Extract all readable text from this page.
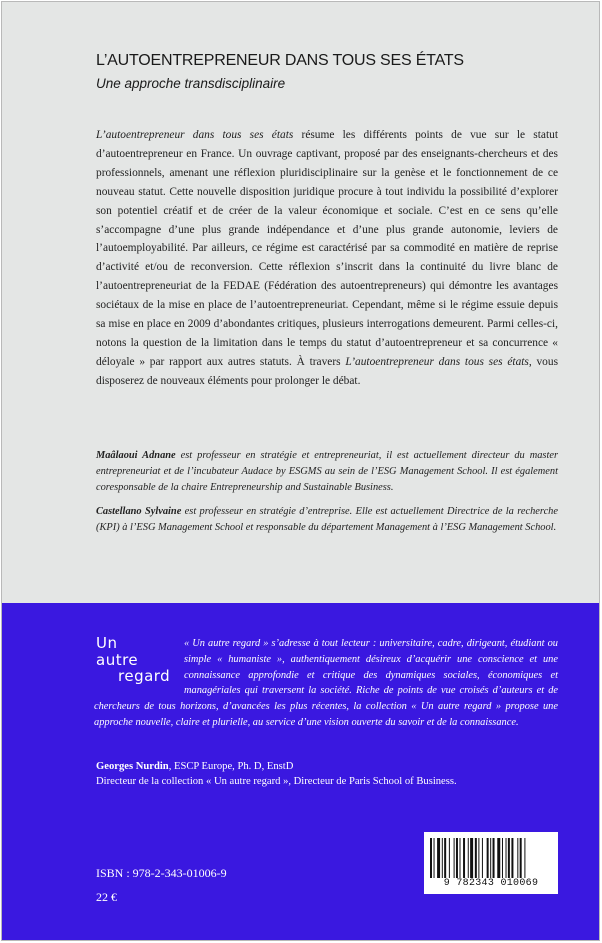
L’AUTOENTREPRENEUR DANS TOUS SES ÉTATS
Une approche transdisciplinaire
L’autoentrepreneur dans tous ses états résume les différents points de vue sur le statut d’autoentrepreneur en France. Un ouvrage captivant, proposé par des enseignants-chercheurs et des professionnels, amenant une réflexion pluridisciplinaire sur la genèse et le fonctionnement de ce nouveau statut. Cette nouvelle disposition juridique procure à tout individu la possibilité d’explorer son potentiel créatif et de créer de la valeur économique et sociale. C’est en ce sens qu’elle s’accompagne d’une plus grande indépendance et d’une plus grande autonomie, leviers de l’autoemployabilité. Par ailleurs, ce régime est caractérisé par sa commodité en matière de reprise d’activité et/ou de reconversion. Cette réflexion s’inscrit dans la continuité du livre blanc de l’autoentrepreneuriat de la FEDAE (Fédération des autoentrepreneurs) qui démontre les avantages sociétaux de la mise en place de l’autoentrepreneuriat. Cependant, même si le régime essuie depuis sa mise en place en 2009 d’abondantes critiques, plusieurs interrogations demeurent. Parmi celles-ci, notons la question de la limitation dans le temps du statut d’autoentrepreneur et sa concurrence « déloyale » par rapport aux autres statuts. À travers L’autoentrepreneur dans tous ses états, vous disposerez de nouveaux éléments pour prolonger le débat.
Maâlaoui Adnane est professeur en stratégie et entrepreneuriat, il est actuellement directeur du master entrepreneuriat et de l’incubateur Audace by ESGMS au sein de l’ESG Management School. Il est également coresponsable de la chaire Entrepreneurship and Sustainable Business.
Castellano Sylvaine est professeur en stratégie d’entreprise. Elle est actuellement Directrice de la recherche (KPI) à l’ESG Management School et responsable du département Management à l’ESG Management School.
Un
autre
regard
« Un autre regard » s’adresse à tout lecteur : universitaire, cadre, dirigeant, étudiant ou simple « humaniste », authentiquement désireux d’acquérir une conscience et une connaissance approfondie et critique des dynamiques sociales, économiques et managériales qui traversent la société. Riche de points de vue croisés d’auteurs et de chercheurs de tous horizons, d’avancées les plus récentes, la collection « Un autre regard » propose une approche nouvelle, claire et plurielle, au service d’une vision ouverte du savoir et de la connaissance.
Georges Nurdin, ESCP Europe, Ph. D, EnstD
Directeur de la collection « Un autre regard », Directeur de Paris School of Business.
ISBN : 978-2-343-01006-9
22 €
9 782343 010069
